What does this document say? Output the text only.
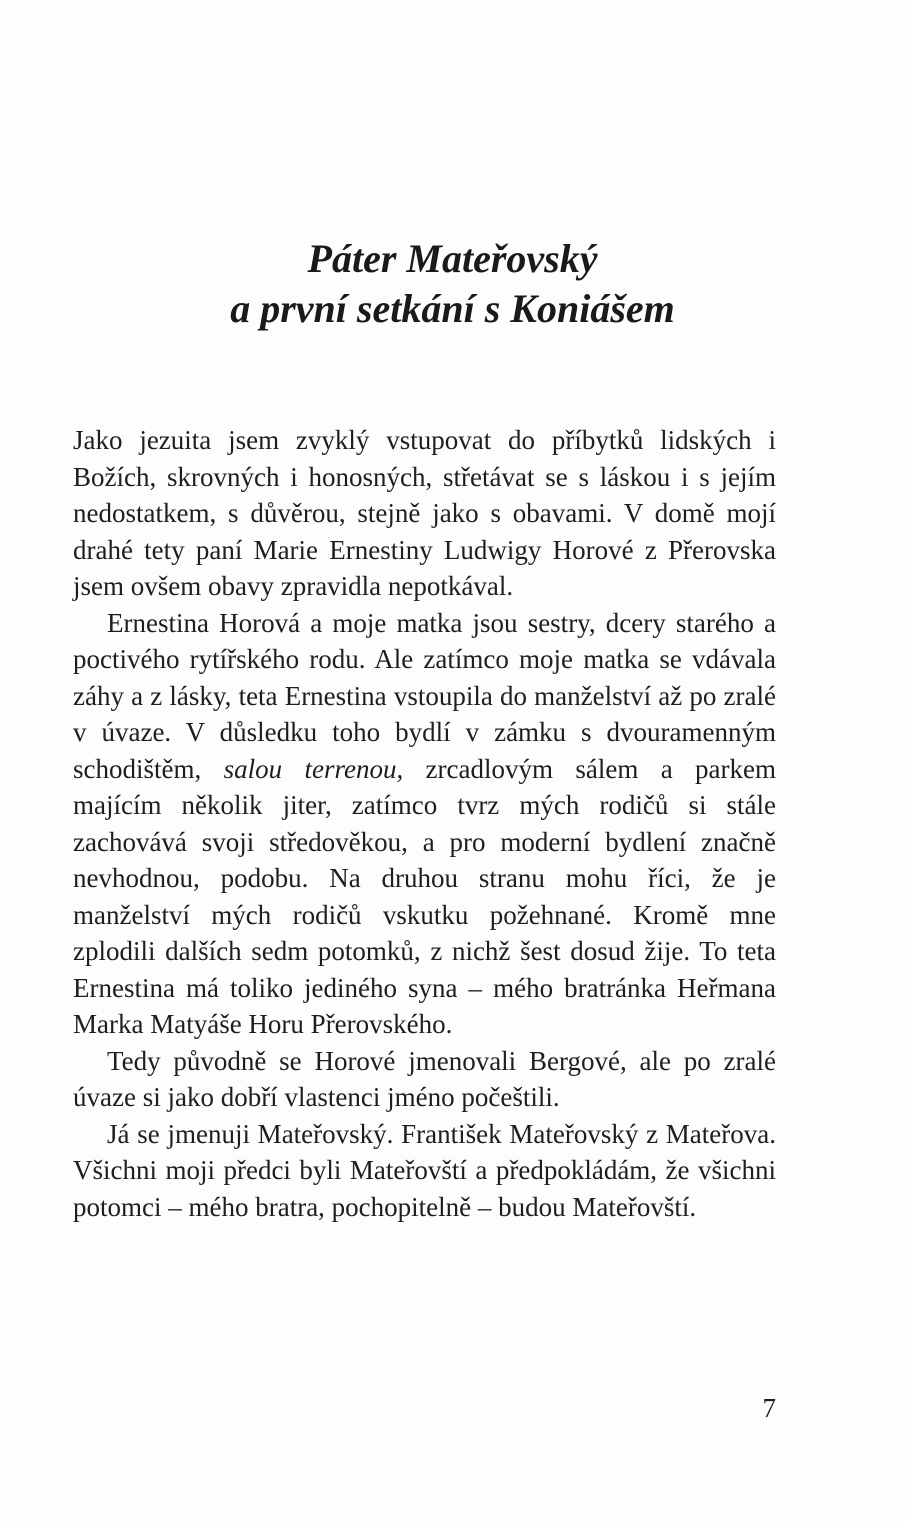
Páter Mateřovský
a první setkání s Koniášem

Jako jezuita jsem zvyklý vstupovat do příbytků lidských i Božích, skrovných i honosných, střetávat se s láskou i s jejím nedostatkem, s důvěrou, stejně jako s obavami. V domě mojí drahé tety paní Marie Ernestiny Ludwigy Horové z Přerovska jsem ovšem obavy zpravidla nepotkával.

Ernestina Horová a moje matka jsou sestry, dcery starého a poctivého rytířského rodu. Ale zatímco moje matka se vdávala záhy a z lásky, teta Ernestina vstoupila do manželství až po zralé v úvaze. V důsledku toho bydlí v zámku s dvouramenným schodištěm, salou terrenou, zrcadlovým sálem a parkem majícím několik jiter, zatímco tvrz mých rodičů si stále zachovává svoji středověkou, a pro moderní bydlení značně nevhodnou, podobu. Na druhou stranu mohu říci, že je manželství mých rodičů vskutku požehnané. Kromě mne zplodili dalších sedm potomků, z nichž šest dosud žije. To teta Ernestina má toliko jediného syna – mého bratránka Heřmana Marka Matyáše Horu Přerovského.

Tedy původně se Horové jmenovali Bergové, ale po zralé úvaze si jako dobří vlastenci jméno počeštili.

Já se jmenuji Mateřovský. František Mateřovský z Mateřova. Všichni moji předci byli Mateřovští a předpokládám, že všichni potomci – mého bratra, pochopitelně – budou Mateřovští.

7
